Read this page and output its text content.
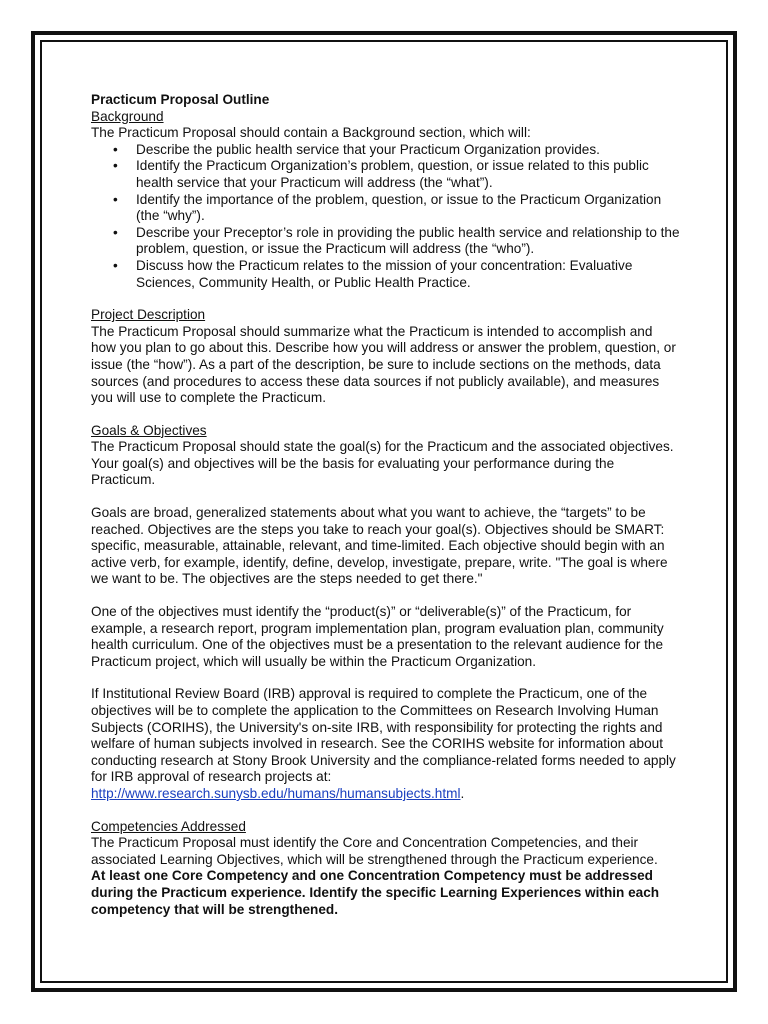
Practicum Proposal Outline
Background

The Practicum Proposal should contain a Background section, which will:

• Describe the public health service that your Practicum Organization provides.
• Identify the Practicum Organization’s problem, question, or issue related to this public health service that your Practicum will address (the “what”).
• Identify the importance of the problem, question, or issue to the Practicum Organization (the “why”).
• Describe your Preceptor’s role in providing the public health service and relationship to the problem, question, or issue the Practicum will address (the “who”).
• Discuss how the Practicum relates to the mission of your concentration: Evaluative Sciences, Community Health, or Public Health Practice.
Project Description

The Practicum Proposal should summarize what the Practicum is intended to accomplish and how you plan to go about this. Describe how you will address or answer the problem, question, or issue (the “how”). As a part of the description, be sure to include sections on the methods, data sources (and procedures to access these data sources if not publicly available), and measures you will use to complete the Practicum.

Goals & Objectives

The Practicum Proposal should state the goal(s) for the Practicum and the associated objectives. Your goal(s) and objectives will be the basis for evaluating your performance during the Practicum.

Goals are broad, generalized statements about what you want to achieve, the “targets” to be reached. Objectives are the steps you take to reach your goal(s). Objectives should be SMART: specific, measurable, attainable, relevant, and time-limited. Each objective should begin with an active verb, for example, identify, define, develop, investigate, prepare, write. "The goal is where we want to be. The objectives are the steps needed to get there."

One of the objectives must identify the “product(s)” or “deliverable(s)” of the Practicum, for example, a research report, program implementation plan, program evaluation plan, community health curriculum. One of the objectives must be a presentation to the relevant audience for the Practicum project, which will usually be within the Practicum Organization.

If Institutional Review Board (IRB) approval is required to complete the Practicum, one of the objectives will be to complete the application to the Committees on Research Involving Human Subjects (CORIHS), the University's on-site IRB, with responsibility for protecting the rights and welfare of human subjects involved in research. See the CORIHS website for information about conducting research at Stony Brook University and the compliance-related forms needed to apply for IRB approval of research projects at:

http://www.research.sunysb.edu/humans/humansubjects.html.

Competencies Addressed

The Practicum Proposal must identify the Core and Concentration Competencies, and their associated Learning Objectives, which will be strengthened through the Practicum experience.

At least one Core Competency and one Concentration Competency must be addressed during the Practicum experience. Identify the specific Learning Experiences within each competency that will be strengthened.
